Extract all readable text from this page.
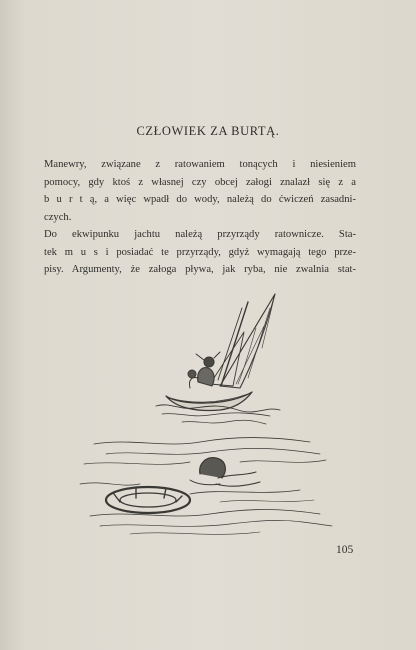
CZŁOWIEK ZA BURTĄ.
Manewry, związane z ratowaniem tonących i niesieniem
pomocy, gdy ktoś z własnej czy obcej załogi znalazł się z a
b u r t ą, a więc wpadł do wody, należą do ćwiczeń zasadni-
czych.
Do ekwipunku jachtu należą przyrządy ratownicze. Sta-
tek m u s i posiadać te przyrządy, gdyż wymagają tego prze-
pisy. Argumenty, że załoga pływa, jak ryba, nie zwalnia stat-
105
